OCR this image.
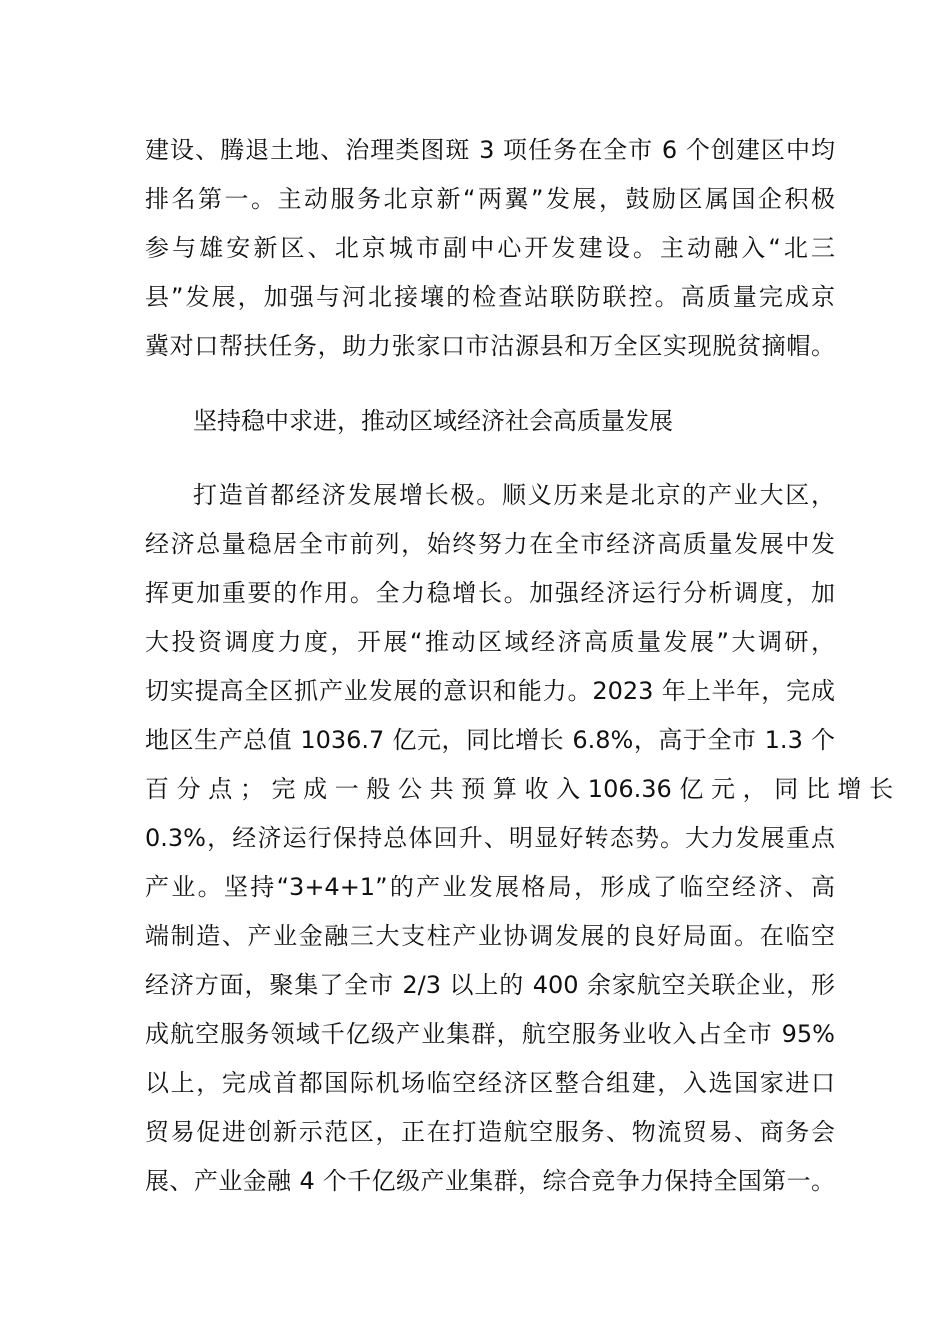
建设、腾退土地、治理类图斑 3 项任务在全市 6 个创建区中均
排名第一。主动服务北京新“两翼”发展，鼓励区属国企积极
参与雄安新区、北京城市副中心开发建设。主动融入“北三
县”发展，加强与河北接壤的检查站联防联控。高质量完成京
冀对口帮扶任务，助力张家口市沽源县和万全区实现脱贫摘帽。
坚持稳中求进，推动区域经济社会高质量发展
打造首都经济发展增长极。顺义历来是北京的产业大区，
经济总量稳居全市前列，始终努力在全市经济高质量发展中发
挥更加重要的作用。全力稳增长。加强经济运行分析调度，加
大投资调度力度，开展“推动区域经济高质量发展”大调研，
切实提高全区抓产业发展的意识和能力。2023 年上半年，完成
地区生产总值 1036.7 亿元，同比增长 6.8%，高于全市 1.3 个
百 分 点 ； 完 成 一 般 公 共 预 算 收 入 106.36 亿 元 ， 同 比 增 长
0.3%，经济运行保持总体回升、明显好转态势。大力发展重点
产业。坚持“3+4+1”的产业发展格局，形成了临空经济、高
端制造、产业金融三大支柱产业协调发展的良好局面。在临空
经济方面，聚集了全市 2/3 以上的 400 余家航空关联企业，形
成航空服务领域千亿级产业集群，航空服务业收入占全市 95%
以上，完成首都国际机场临空经济区整合组建，入选国家进口
贸易促进创新示范区，正在打造航空服务、物流贸易、商务会
展、产业金融 4 个千亿级产业集群，综合竞争力保持全国第一。
